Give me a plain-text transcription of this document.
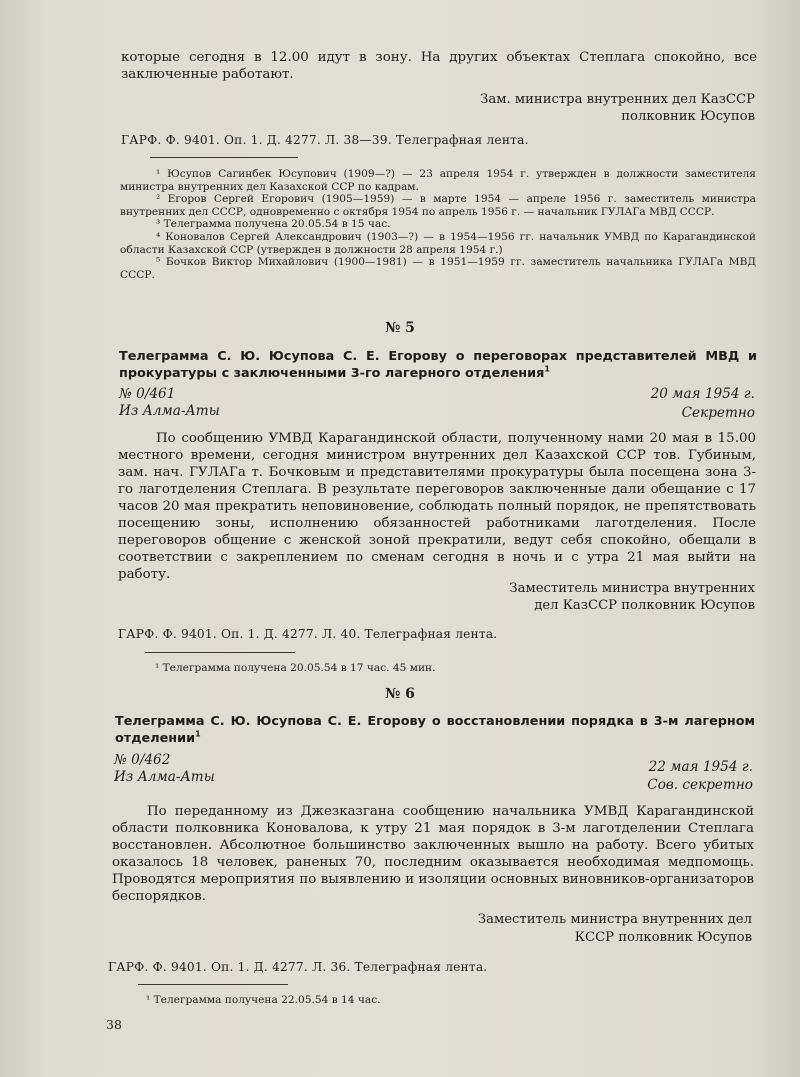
которые сегодня в 12.00 идут в зону. На других объектах Степлага спокойно, все заключенные работают.

Зам. министра внутренних дел КазССР
полковник Юсупов
ГАРФ. Ф. 9401. Оп. 1. Д. 4277. Л. 38—39. Телеграфная лента.

¹ Юсупов Сагинбек Юсупович (1909—?) — 23 апреля 1954 г. утвержден в должности заместителя министра внутренних дел Казахской ССР по кадрам.

² Егоров Сергей Егорович (1905—1959) — в марте 1954 — апреле 1956 г. заместитель министра внутренних дел СССР, одновременно с октября 1954 по апрель 1956 г. — начальник ГУЛАГа МВД СССР.

³ Телеграмма получена 20.05.54 в 15 час.

⁴ Коновалов Сергей Александрович (1903—?) — в 1954—1956 гг. начальник УМВД по Карагандинской области Казахской ССР (утвержден в должности 28 апреля 1954 г.)

⁵ Бочков Виктор Михайлович (1900—1981) — в 1951—1959 гг. заместитель начальника ГУЛАГа МВД СССР.

№ 5

Телеграмма С. Ю. Юсупова С. Е. Егорову о переговорах представителей МВД и прокуратуры с заключенными 3-го лагерного отделения$^1$

№ 0/461
Из Алма-Аты
20 мая 1954 г.
Секретно

По сообщению УМВД Карагандинской области, полученному нами 20 мая в 15.00 местного времени, сегодня министром внутренних дел Казахской ССР тов. Губиным, зам. нач. ГУЛАГа т. Бочковым и представителями прокуратуры была посещена зона 3-го лаготделения Степлага. В результате переговоров заключенные дали обещание с 17 часов 20 мая прекратить неповиновение, соблюдать полный порядок, не препятствовать посещению зоны, исполнению обязанностей работниками лаготделения. После переговоров общение с женской зоной прекратили, ведут себя спокойно, обещали в соответствии с закреплением по сменам сегодня в ночь и с утра 21 мая выйти на работу.

Заместитель министра внутренних
дел КазССР полковник Юсупов
ГАРФ. Ф. 9401. Оп. 1. Д. 4277. Л. 40. Телеграфная лента.
¹ Телеграмма получена 20.05.54 в 17 час. 45 мин.
№ 6

Телеграмма С. Ю. Юсупова С. Е. Егорову о восстановлении порядка в 3-м лагерном отделении$^1$

№ 0/462
Из Алма-Аты
22 мая 1954 г.
Сов. секретно

По переданному из Джезказгана сообщению начальника УМВД Карагандинской области полковника Коновалова, к утру 21 мая порядок в 3-м лаготделении Степлага восстановлен. Абсолютное большинство заключенных вышло на работу. Всего убитых оказалось 18 человек, раненых 70, последним оказывается необходимая медпомощь. Проводятся мероприятия по выявлению и изоляции основных виновников-организаторов беспорядков.

Заместитель министра внутренних дел
КССР полковник Юсупов
ГАРФ. Ф. 9401. Оп. 1. Д. 4277. Л. 36. Телеграфная лента.
¹ Телеграмма получена 22.05.54 в 14 час.
38
